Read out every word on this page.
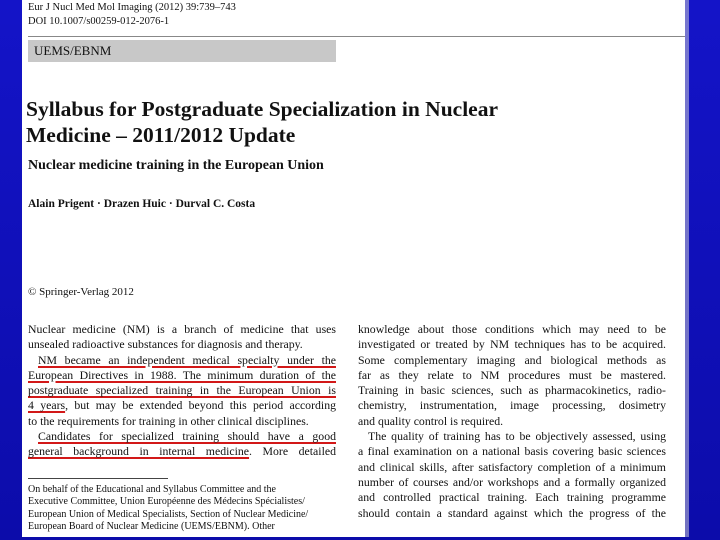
Eur J Nucl Med Mol Imaging (2012) 39:739–743
DOI 10.1007/s00259-012-2076-1
UEMS/EBNM
Syllabus for Postgraduate Specialization in Nuclear
Medicine – 2011/2012 Update
Nuclear medicine training in the European Union
Alain Prigent · Drazen Huic · Durval C. Costa
© Springer-Verlag 2012
Nuclear medicine (NM) is a branch of medicine that uses
unsealed radioactive substances for diagnosis and therapy.
NM became an independent medical specialty under the
European Directives in 1988. The minimum duration of the
postgraduate specialized training in the European Union is
4 years, but may be extended beyond this period according
to the requirements for training in other clinical disciplines.
Candidates for specialized training should have a good
general background in internal medicine. More detailed
knowledge about those conditions which may need to be
investigated or treated by NM techniques has to be acquired.
Some complementary imaging and biological methods as
far as they relate to NM procedures must be mastered.
Training in basic sciences, such as pharmacokinetics, radio-
chemistry, instrumentation, image processing, dosimetry
and quality control is required.
The quality of training has to be objectively assessed, using
a final examination on a national basis covering basic sciences
and clinical skills, after satisfactory completion of a minimum
number of courses and/or workshops and a formally organized
and controlled practical training. Each training programme
should contain a standard against which the progress of the
On behalf of the Educational and Syllabus Committee and the
Executive Committee, Union Européenne des Médecins Spécialistes/
European Union of Medical Specialists, Section of Nuclear Medicine/
European Board of Nuclear Medicine (UEMS/EBNM). Other
